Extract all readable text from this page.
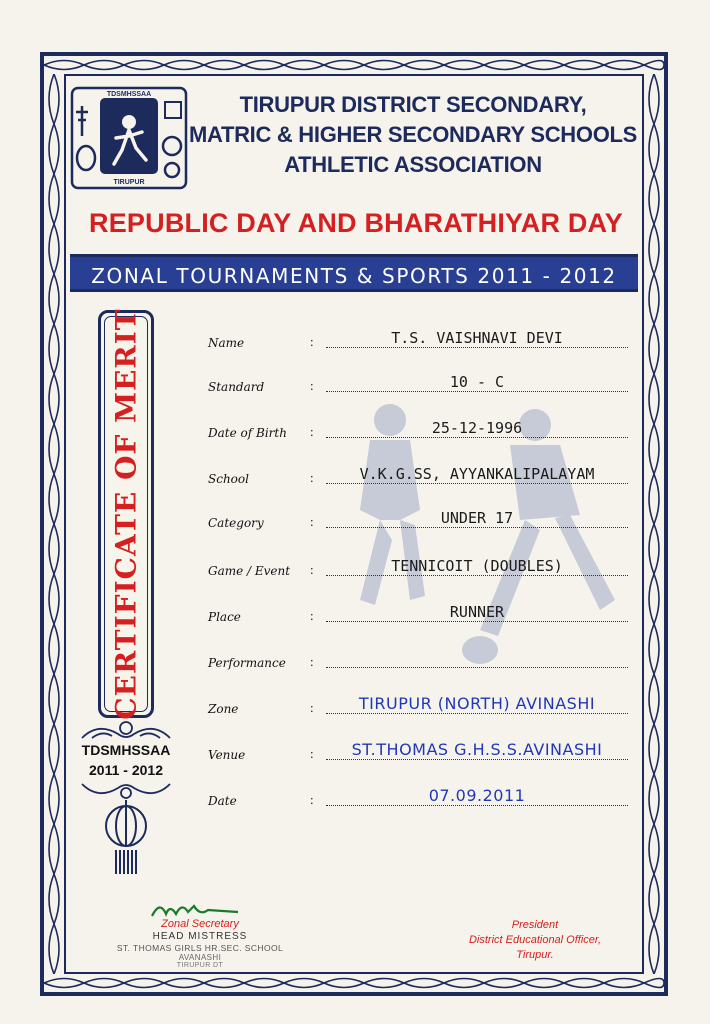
TDSMHSSAA
TIRUPUR
TIRUPUR DISTRICT SECONDARY,
MATRIC & HIGHER SECONDARY SCHOOLS
ATHLETIC ASSOCIATION
REPUBLIC DAY AND BHARATHIYAR DAY
ZONAL TOURNAMENTS & SPORTS 2011 - 2012
CERTIFICATE OF MERIT
TDSMHSSAA
2011 - 2012
Name	:	T.S. VAISHNAVI DEVI
Standard	:	10 - C
Date of Birth	:	25-12-1996
School	:	V.K.G.SS, AYYANKALIPALAYAM
Category	:	UNDER 17
Game / Event	:	TENNICOIT (DOUBLES)
Place	:	RUNNER
Performance	:
Zone	:	TIRUPUR (NORTH) AVINASHI
Venue	:	ST.THOMAS G.H.S.S.AVINASHI
Date	:	07.09.2011
Zonal Secretary
HEAD MISTRESS
ST. THOMAS GIRLS HR.SEC. SCHOOL
AVANASHI
TIRUPUR DT
President
District Educational Officer,
Tirupur.
